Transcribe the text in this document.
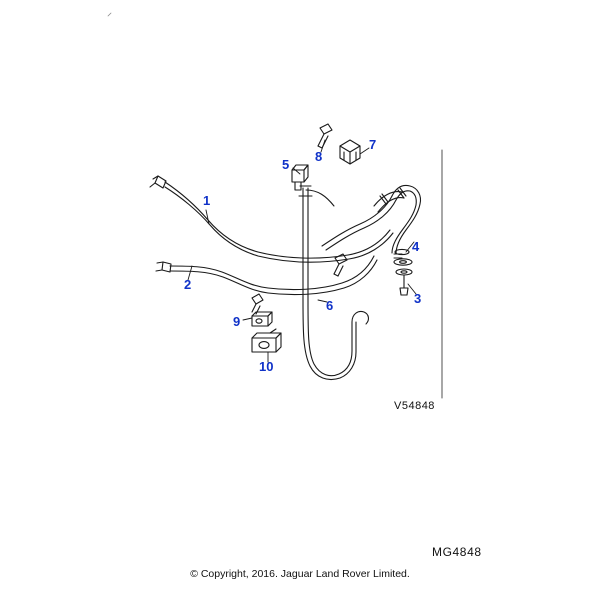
1
2
3
4
5
6
7
8
9
10
V54848
MG4848
© Copyright, 2016. Jaguar Land Rover Limited.
